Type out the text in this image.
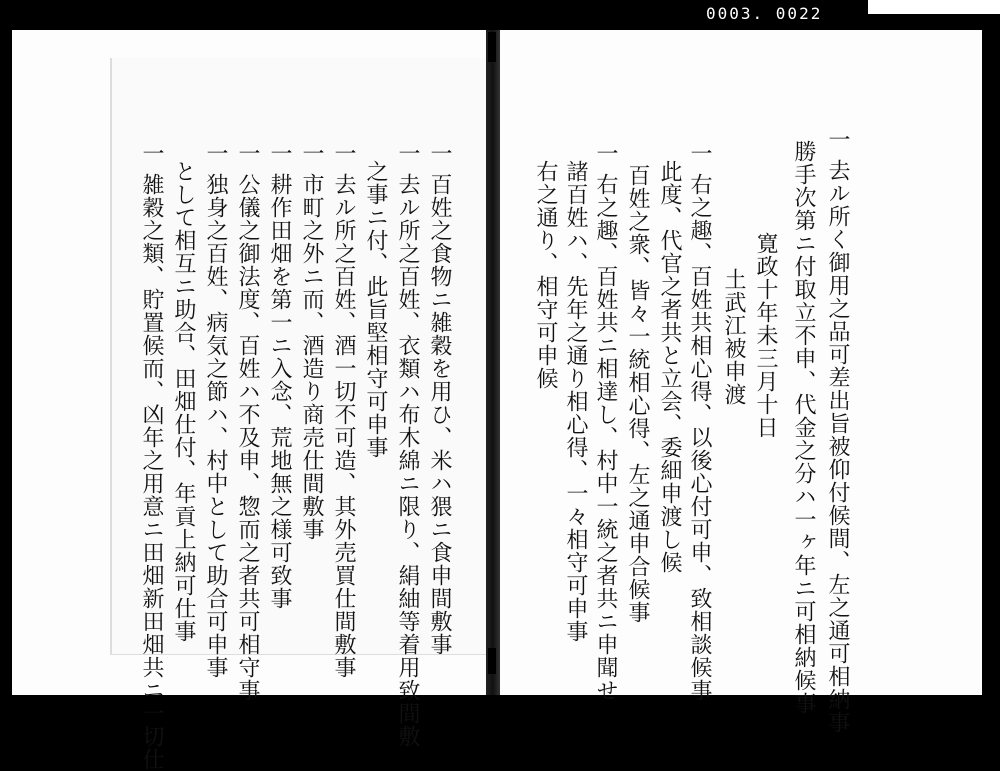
0003. 0022
一 去ル所く御用之品可差出旨被仰付候間、左之通可相納事
勝手次第ニ付取立不申、代金之分ハ一ヶ年ニ可相納候事
寛政十年未三月十日
土武江被申渡
一 右之趣、百姓共相心得、以後心付可申、致相談候事
此度、代官之者共と立会、委細申渡し候
百姓之衆、皆々一統相心得、左之通申合候事
一 右之趣、百姓共ニ相達し、村中一統之者共ニ申聞せ
諸百姓ハ、先年之通り相心得、一々相守可申事
右之通り、相守可申候
一 百姓之食物ニ雑穀を用ひ、米ハ猥ニ食申間敷事
一 去ル所之百姓、衣類ハ布木綿ニ限り、絹紬等着用致間敷
之事ニ付、此旨堅相守可申事
一 去ル所之百姓、酒一切不可造、其外売買仕間敷事
一 市町之外ニ而、酒造り商売仕間敷事
一 耕作田畑を第一ニ入念、荒地無之様可致事
一 公儀之御法度、百姓ハ不及申、惣而之者共可相守事
一 独身之百姓、病気之節ハ、村中として助合可申事
として相互ニ助合、田畑仕付、年貢上納可仕事
一 雑穀之類、貯置候而、凶年之用意ニ田畑新田畑共ニ一切仕
